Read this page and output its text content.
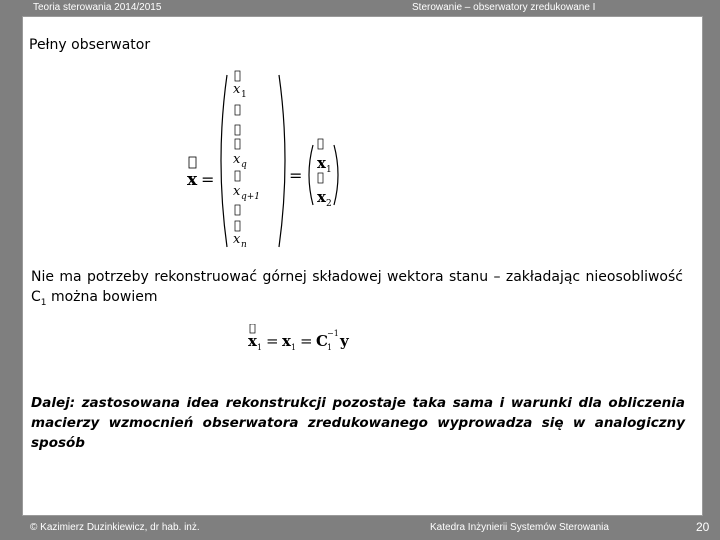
Teoria sterowania 2014/2015	Sterowanie – obserwatory zredukowane I
Pełny obserwator
x =
x 1
x q
x q+1
x n
=
x 1
x 2
Nie ma potrzeby rekonstruować górnej składowej wektora stanu – zakładając nieosobliwość $C_1$ można bowiem
x 1 = x 1 = C −1
1 y
Dalej: zastosowana idea rekonstrukcji pozostaje taka sama i warunki dla obliczenia
macierzy wzmocnień obserwatora zredukowanego wyprowadza się w analogiczny
sposób
© Kazimierz Duzinkiewicz, dr hab. inż.	Katedra Inżynierii Systemów Sterowania	20
